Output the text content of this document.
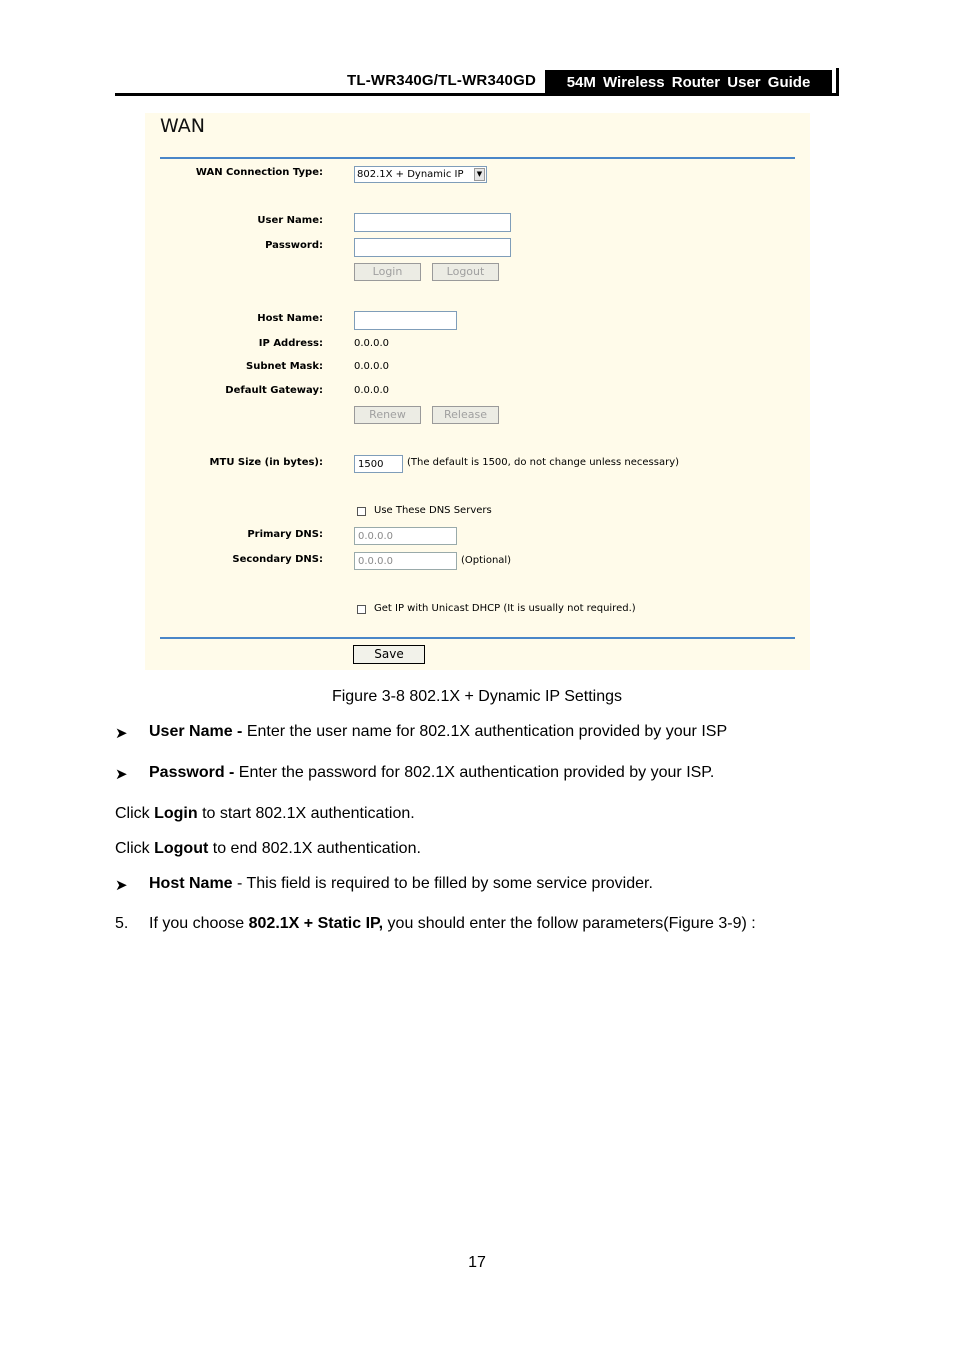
TL-WR340G/TL-WR340GD	54M Wireless Router User Guide
WAN
WAN Connection Type:	802.1X + Dynamic IP	▼
User Name:
Password:
Login	Logout
Host Name:
IP Address:	0.0.0.0
Subnet Mask:	0.0.0.0
Default Gateway:	0.0.0.0
Renew	Release
MTU Size (in bytes):	1500	(The default is 1500, do not change unless necessary)
Use These DNS Servers
Primary DNS:	0.0.0.0
Secondary DNS:	0.0.0.0	(Optional)
Get IP with Unicast DHCP (It is usually not required.)
Save
Figure 3-8 802.1X + Dynamic IP Settings
➤ User Name - Enter the user name for 802.1X authentication provided by your ISP
➤ Password - Enter the password for 802.1X authentication provided by your ISP.
Click Login to start 802.1X authentication.
Click Logout to end 802.1X authentication.
➤ Host Name - This field is required to be filled by some service provider.
5. If you choose 802.1X + Static IP, you should enter the follow parameters(Figure 3-9) :
17
